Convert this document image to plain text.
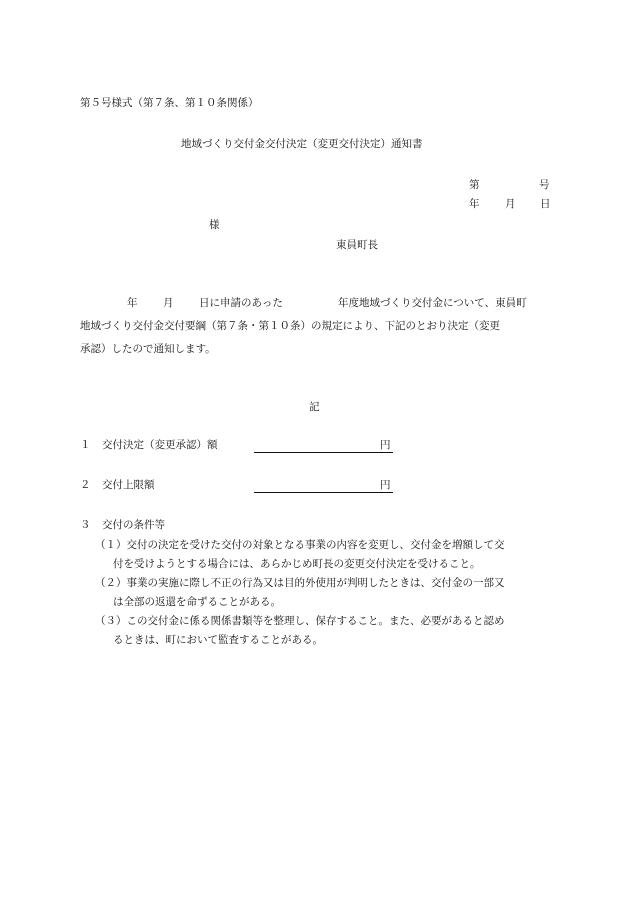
第５号様式（第７条、第１０条関係）
地域づくり交付金交付決定（変更交付決定）通知書
第	号
年 月 日
様
東員町長
年 月 日に申請のあった	年度地域づくり交付金について、東員町
地域づくり交付金交付要綱（第７条・第１０条）の規定により、下記のとおり決定（変更
承認）したので通知します。
記
１ 交付決定（変更承認）額	円
２ 交付上限額	円
３ 交付の条件等
（１）交付の決定を受けた交付の対象となる事業の内容を変更し、交付金を増額して交
付を受けようとする場合には、あらかじめ町長の変更交付決定を受けること。
（２）事業の実施に際し不正の行為又は目的外使用が判明したときは、交付金の一部又
は全部の返還を命ずることがある。
（３）この交付金に係る関係書類等を整理し、保存すること。また、必要があると認め
るときは、町において監査することがある。
